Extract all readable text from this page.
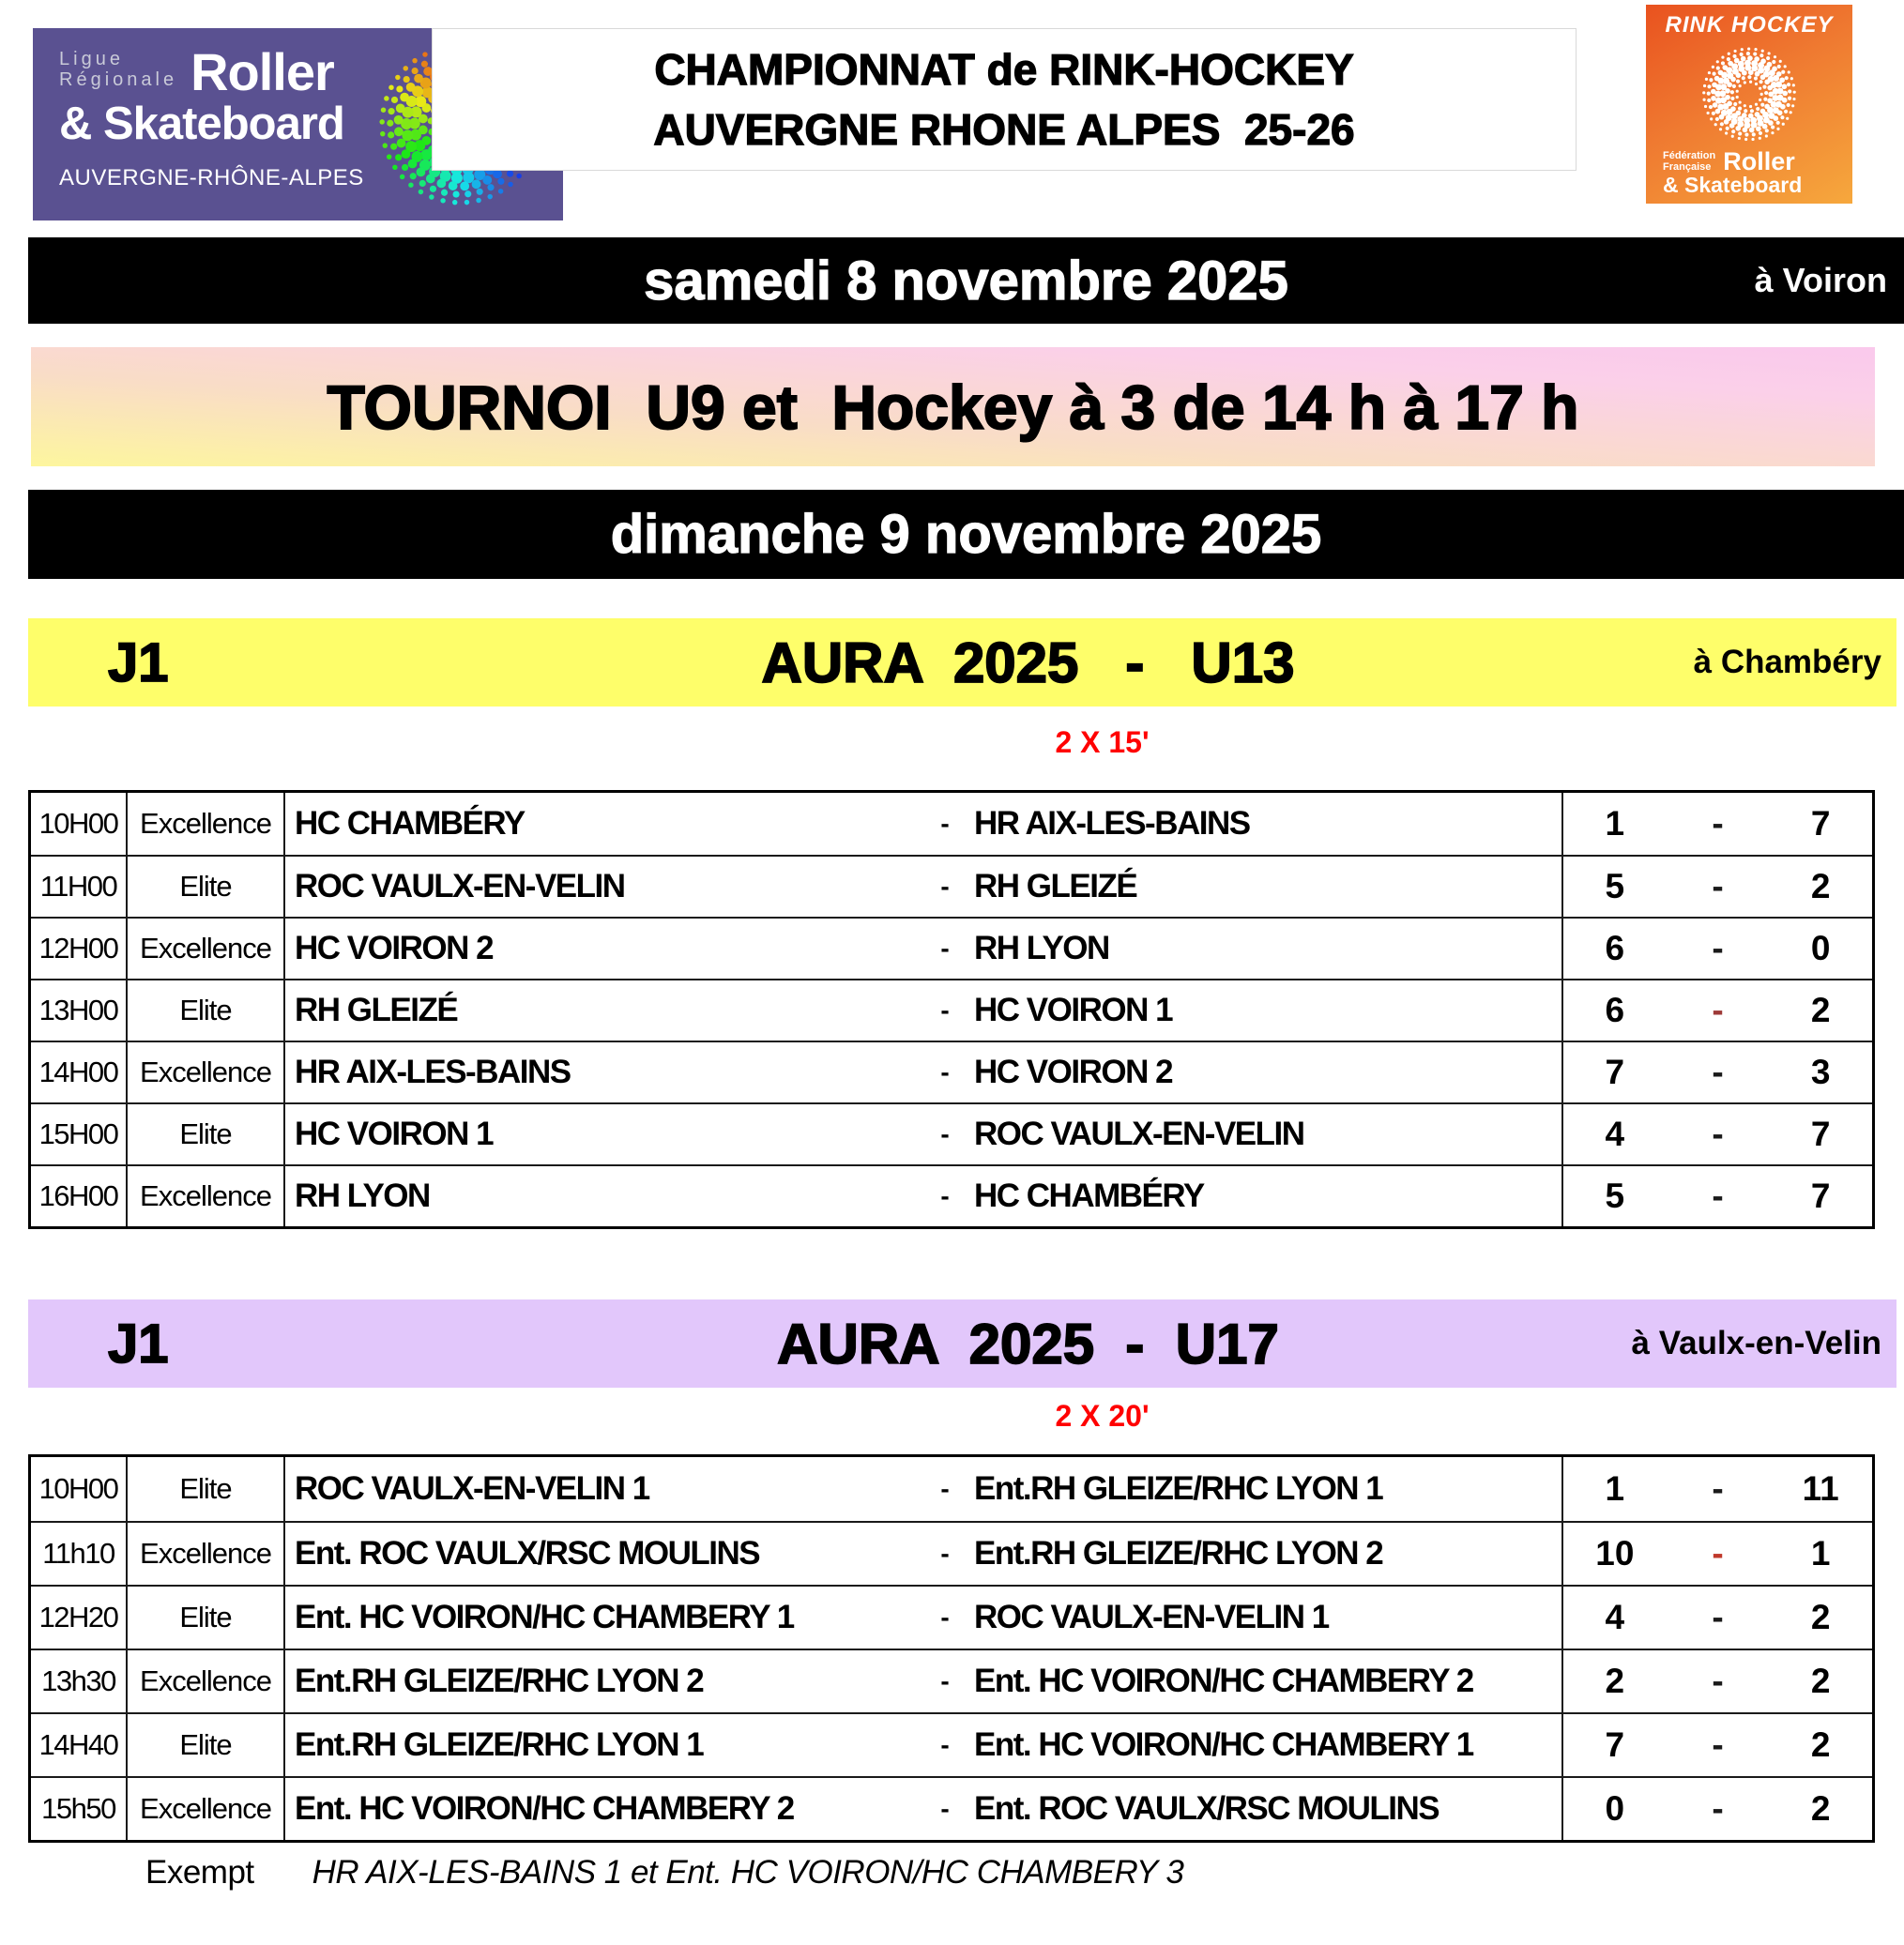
Ligue
Régionale Roller
& Skateboard
AUVERGNE-RHÔNE-ALPES
CHAMPIONNAT de RINK-HOCKEY
AUVERGNE RHONE ALPES  25-26
RINK HOCKEY
Fédération
Française Roller
& Skateboard
samedi 8 novembre 2025	à Voiron
TOURNOI  U9 et  Hockey à 3 de 14 h à 17 h
dimanche 9 novembre 2025
J1	AURA  2025   -   U13	à Chambéry
2 X 15'
10H00 Excellence HC CHAMBÉRY	- HR AIX-LES-BAINS	1	-	7
11H00	Elite	ROC VAULX-EN-VELIN	- RH GLEIZÉ	5	-	2
12H00 Excellence HC VOIRON 2	- RH LYON	6	-	0
13H00	Elite	RH GLEIZÉ	- HC VOIRON 1	6	-	2
14H00 Excellence HR AIX-LES-BAINS	- HC VOIRON 2	7	-	3
15H00	Elite	HC VOIRON 1	- ROC VAULX-EN-VELIN	4	-	7
16H00 Excellence RH LYON	- HC CHAMBÉRY	5	-	7
J1	AURA  2025  -  U17	à Vaulx-en-Velin
2 X 20'
10H00	Elite	ROC VAULX-EN-VELIN 1	- Ent.RH GLEIZE/RHC LYON 1	1	-	11
11h10 Excellence Ent. ROC VAULX/RSC MOULINS	- Ent.RH GLEIZE/RHC LYON 2	10	-	1
12H20	Elite	Ent. HC VOIRON/HC CHAMBERY 1	- ROC VAULX-EN-VELIN 1	4	-	2
13h30 Excellence Ent.RH GLEIZE/RHC LYON 2	- Ent. HC VOIRON/HC CHAMBERY 2	2	-	2
14H40	Elite	Ent.RH GLEIZE/RHC LYON 1	- Ent. HC VOIRON/HC CHAMBERY 1	7	-	2
15h50 Excellence Ent. HC VOIRON/HC CHAMBERY 2	- Ent. ROC VAULX/RSC MOULINS	0	-	2
Exempt HR AIX-LES-BAINS 1 et Ent. HC VOIRON/HC CHAMBERY 3
